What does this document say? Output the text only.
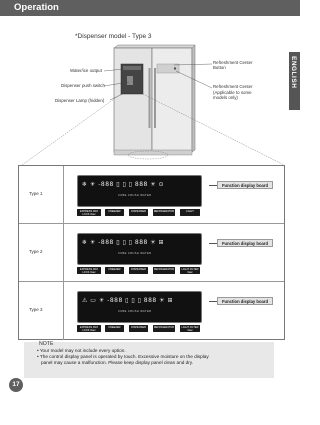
Operation
ENGLISH
*Dispenser model - Type 3
Water/ice output
Dispenser push switch
Dispenser Lamp (hidden)
Refreshment Center Button
Refreshment Center
(Applicable to some
models only)
Type 1
❄ ☀ -888 ▯ ▯ ▯ 888 ☀ ⊙
CUBE CRUSH WATER
EXPRESS FRZ LOCK 3sec
FREEZER	DISPENSER	REFRIGERATOR	LIGHT
Function display board
Type 2
❄ ☀ -888 ▯ ▯ ▯ 888 ☀ ⊞
CUBE CRUSH WATER
EXPRESS FRZ LOCK 3sec
FREEZER	DISPENSER	REFRIGERATOR	LIGHT FILTER 3sec
Function display board
Type 3
⚠ ▭ ☀ -888 ▯ ▯ ▯ 888 ☀ ⊞
CUBE CRUSH WATER
EXPRESS FRZ LOCK 3sec
FREEZER	DISPENSER	REFRIGERATOR	LIGHT FILTER 3sec
Function display board
NOTE
• Your model may not include every option.
• The control display panel is operated by touch. Excessive moisture on the display
panel may cause a malfunction. Please keep display panel clean and dry.
17
